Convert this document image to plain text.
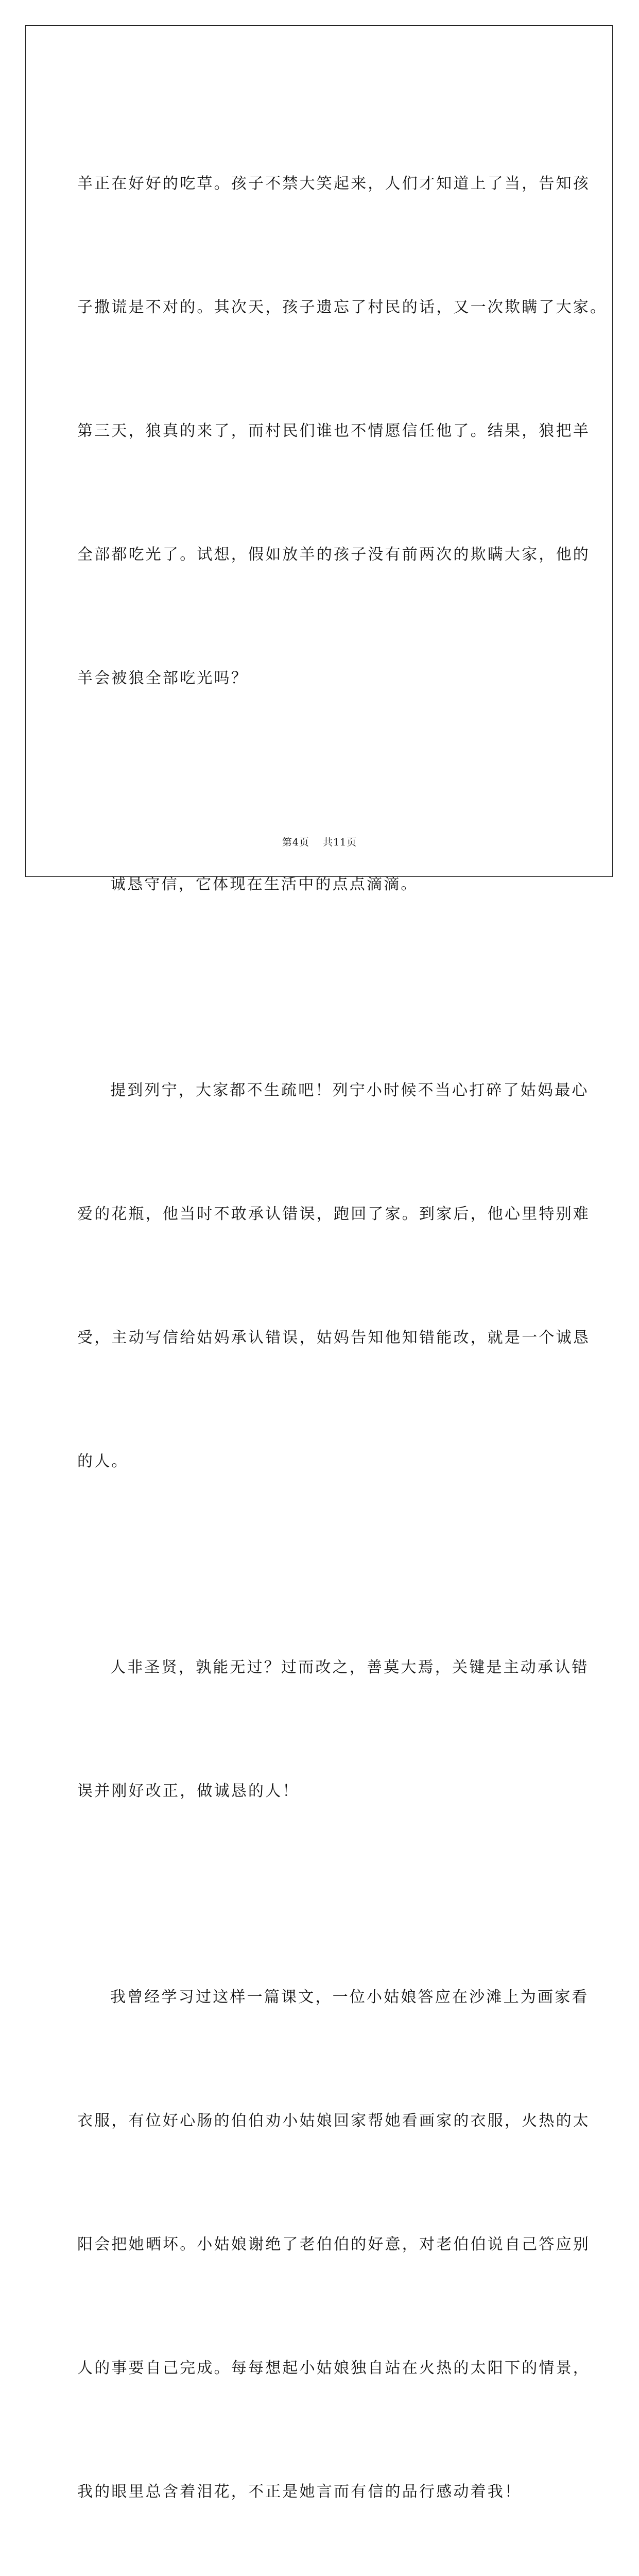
羊正在好好的吃草。孩子不禁大笑起来，人们才知道上了当，告知孩

子撒谎是不对的。其次天，孩子遗忘了村民的话，又一次欺瞒了大家。

第三天，狼真的来了，而村民们谁也不情愿信任他了。结果，狼把羊

全部都吃光了。试想，假如放羊的孩子没有前两次的欺瞒大家，他的

羊会被狼全部吃光吗？

诚恳守信，它体现在生活中的点点滴滴。

提到列宁，大家都不生疏吧！列宁小时候不当心打碎了姑妈最心

爱的花瓶，他当时不敢承认错误，跑回了家。到家后，他心里特别难

受，主动写信给姑妈承认错误，姑妈告知他知错能改，就是一个诚恳

的人。

人非圣贤，孰能无过？过而改之，善莫大焉，关键是主动承认错

误并刚好改正，做诚恳的人！

我曾经学习过这样一篇课文，一位小姑娘答应在沙滩上为画家看

衣服，有位好心肠的伯伯劝小姑娘回家帮她看画家的衣服，火热的太

阳会把她晒坏。小姑娘谢绝了老伯伯的好意，对老伯伯说自己答应别

人的事要自己完成。每每想起小姑娘独自站在火热的太阳下的情景，

我的眼里总含着泪花，不正是她言而有信的品行感动着我！

第4页 共11页
